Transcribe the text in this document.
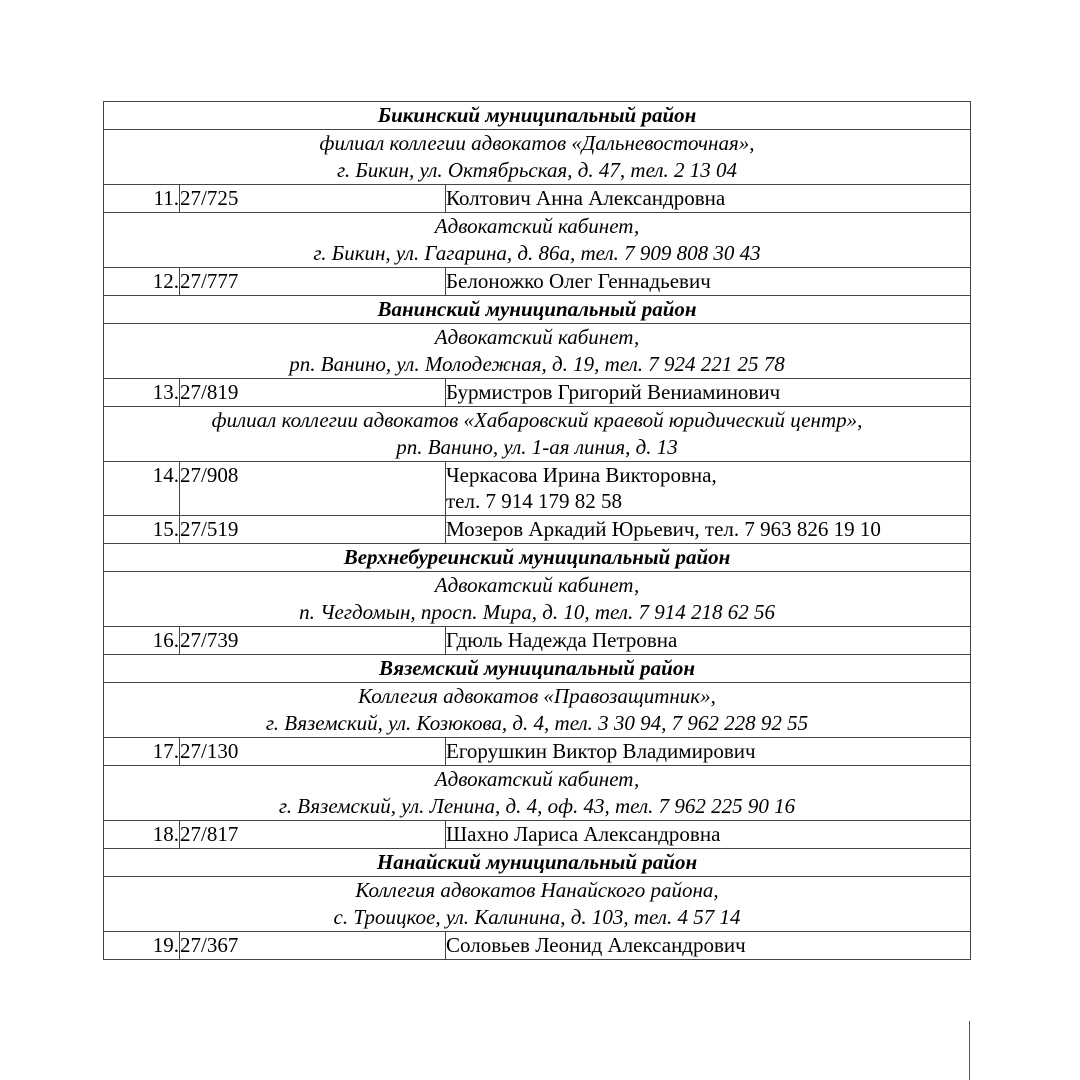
Бикинский муниципальный район		

филиал коллегии адвокатов «Дальневосточная»,
г. Бикин, ул. Октябрьская, д. 47, тел. 2 13 04		

11.	27/725	Колтович Анна Александровна

Адвокатский кабинет,
г. Бикин, ул. Гагарина, д. 86а, тел. 7 909 808 30 43		

12.	27/777	Белоножко Олег Геннадьевич
Ванинский муниципальный район		

Адвокатский кабинет,
рп. Ванино, ул. Молодежная, д. 19, тел. 7 924 221 25 78		

13.	27/819	Бурмистров Григорий Вениаминович

филиал коллегии адвокатов «Хабаровский краевой юридический центр»,
рп. Ванино, ул. 1-ая линия, д. 13		

14.	27/908	Черкасова Ирина Викторовна,
тел. 7 914 179 82 58

15.	27/519	Мозеров Аркадий Юрьевич, тел. 7 963 826 19 10
Верхнебуреинский муниципальный район		

Адвокатский кабинет,
п. Чегдомын, просп. Мира, д. 10, тел. 7 914 218 62 56		

16.	27/739	Гдюль Надежда Петровна
Вяземский муниципальный район		

Коллегия адвокатов «Правозащитник»,
г. Вяземский, ул. Козюкова, д. 4, тел. 3 30 94, 7 962 228 92 55		

17.	27/130	Егорушкин Виктор Владимирович

Адвокатский кабинет,
г. Вяземский, ул. Ленина, д. 4, оф. 43, тел. 7 962 225 90 16		

18.	27/817	Шахно Лариса Александровна
Нанайский муниципальный район		

Коллегия адвокатов Нанайского района,
с. Троицкое, ул. Калинина, д. 103, тел. 4 57 14		

19.	27/367	Соловьев Леонид Александрович
